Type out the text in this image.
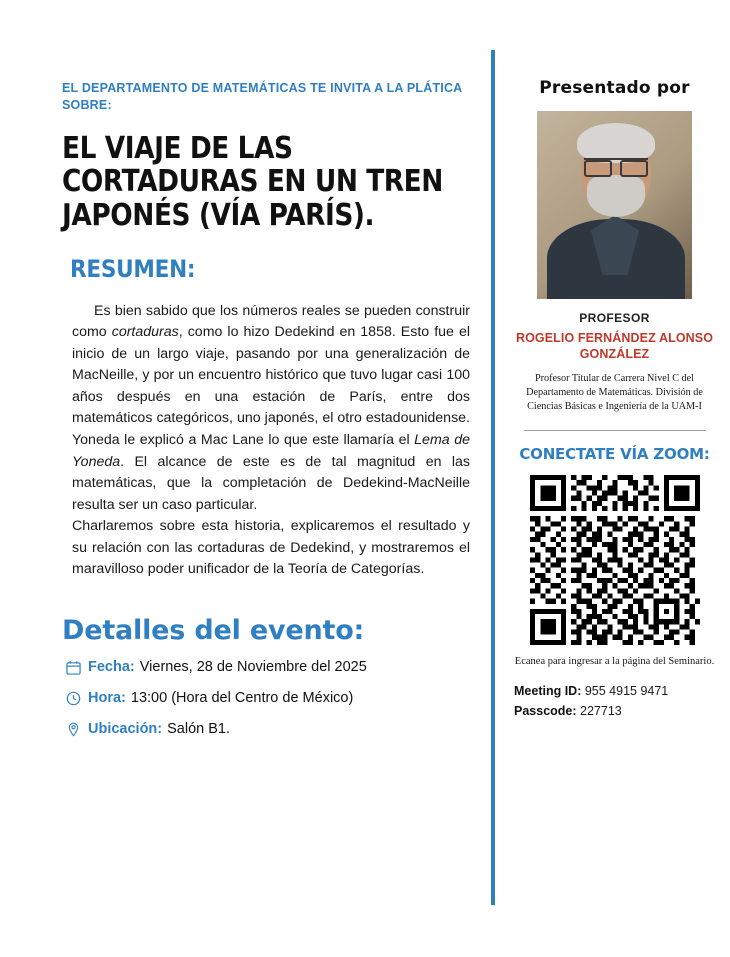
EL DEPARTAMENTO DE MATEMÁTICAS TE INVITA A LA PLÁTICA SOBRE:
EL VIAJE DE LAS CORTADURAS EN UN TREN JAPONÉS (VÍA PARÍS).
RESUMEN:

Es bien sabido que los números reales se pueden construir como cortaduras, como lo hizo Dedekind en 1858. Esto fue el inicio de un largo viaje, pasando por una generalización de MacNeille, y por un encuentro histórico que tuvo lugar casi 100 años después en una estación de París, entre dos matemáticos categóricos, uno japonés, el otro estadounidense. Yoneda le explicó a Mac Lane lo que este llamaría el Lema de Yoneda. El alcance de este es de tal magnitud en las matemáticas, que la completación de Dedekind-MacNeille resulta ser un caso particular.

Charlaremos sobre esta historia, explicaremos el resultado y su relación con las cortaduras de Dedekind, y mostraremos el maravilloso poder unificador de la Teoría de Categorías.

Detalles del evento:
Fecha: Viernes, 28 de Noviembre del 2025
Hora: 13:00 (Hora del Centro de México)
Ubicación: Salón B1.
Presentado por
PROFESOR
ROGELIO FERNÁNDEZ ALONSO GONZÁLEZ
Profesor Titular de Carrera Nivel C del Departamento de Matemáticas. División de Ciencias Básicas e Ingeniería de la UAM-I
CONECTATE VÍA ZOOM:
Ecanea para ingresar a la página del Seminario.
Meeting ID: 955 4915 9471
Passcode: 227713
